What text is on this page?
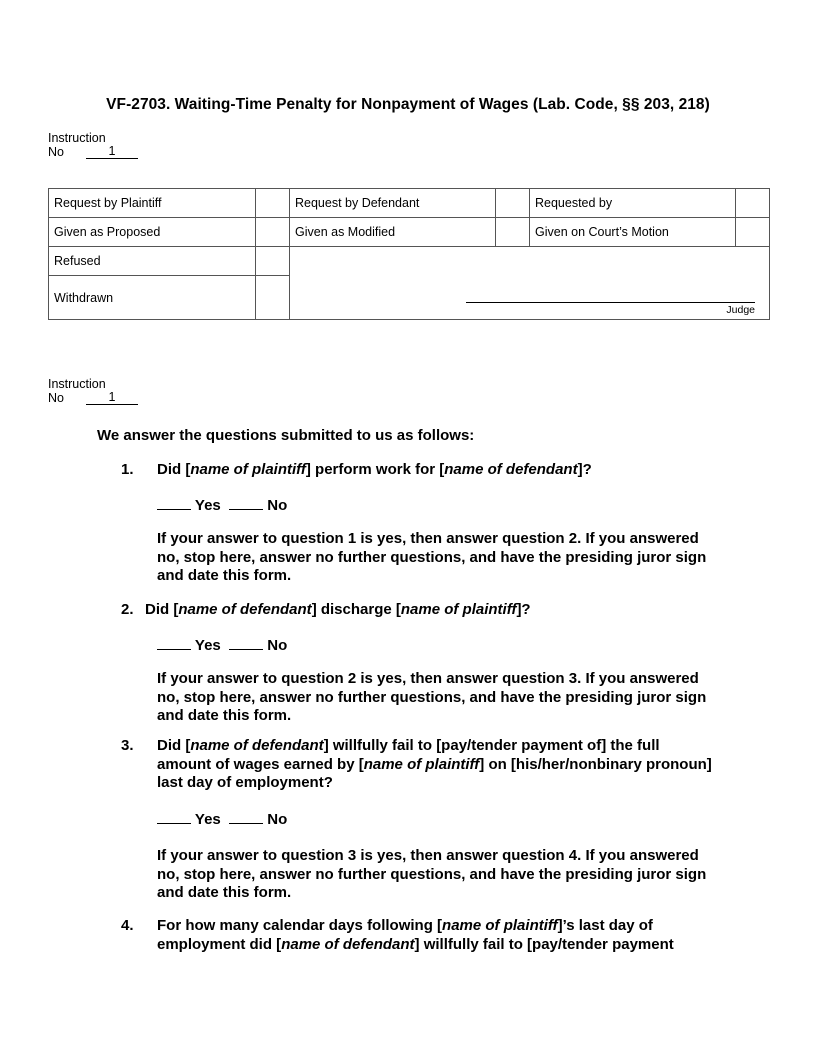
VF-2703. Waiting-Time Penalty for Nonpayment of Wages (Lab. Code, §§ 203, 218)
Instruction
No	1
Request by Plaintiff		Request by Defendant		Requested by	
Given as Proposed		Given as Modified		Given on Court’s Motion	
Refused		Judge			

Withdrawn					
Instruction
No	1
We answer the questions submitted to us as follows:
1. Did [name of plaintiff] perform work for [name of defendant]?
Yes	No
If your answer to question 1 is yes, then answer question 2. If you answered no, stop here, answer no further questions, and have the presiding juror sign and date this form.
2. Did [name of defendant] discharge [name of plaintiff]?
Yes	No
If your answer to question 2 is yes, then answer question 3. If you answered no, stop here, answer no further questions, and have the presiding juror sign and date this form.
3. Did [name of defendant] willfully fail to [pay/tender payment of] the full amount of wages earned by [name of plaintiff] on [his/her/nonbinary pronoun] last day of employment?
Yes	No
If your answer to question 3 is yes, then answer question 4. If you answered no, stop here, answer no further questions, and have the presiding juror sign and date this form.
4. For how many calendar days following [name of plaintiff]’s last day of employment did [name of defendant] willfully fail to [pay/tender payment
